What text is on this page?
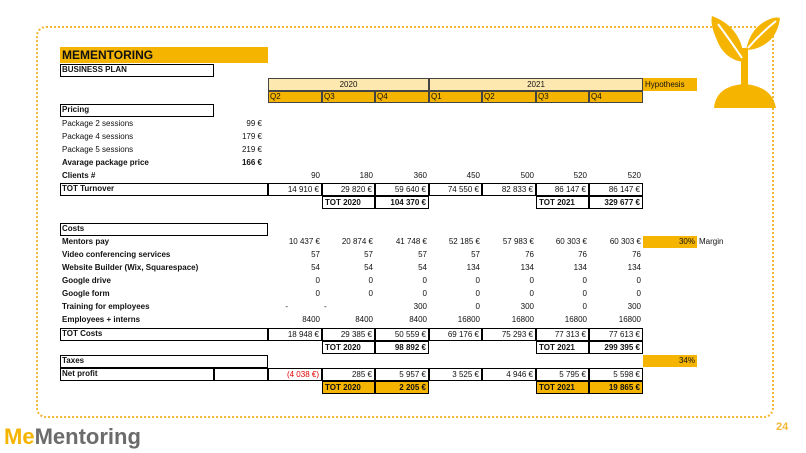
MEMENTORING
BUSINESS PLAN
2020	2021	Hypothesis
Q2	Q3	Q4	Q1	Q2	Q3	Q4
Pricing
Package 2 sessions	99 €
Package 4 sessions	179 €
Package 5 sessions	219 €
Avarage package price	166 €
Clients #	90	180	360	450	500	520	520
TOT Turnover	14 910 €	29 820 €	59 640 €	74 550 €	82 833 €	86 147 €	86 147 €
TOT 2020	104 370 €	TOT 2021	329 677 €
Costs
Mentors pay	10 437 €	20 874 €	41 748 €	52 185 €	57 983 €	60 303 €	60 303 €	30% Margin
Video conferencing services	57	57	57	57	76	76	76
Website Builder (Wix, Squarespace)	54	54	54	134	134	134	134
Google drive	0	0	0	0	0	0	0
Google form	0	0	0	0	0	0	0
Training for employees	-	-	300	0	300	0	300
Employees + interns	8400	8400	8400	16800	16800	16800	16800
TOT Costs	18 948 €	29 385 €	50 559 €	69 176 €	75 293 €	77 313 €	77 613 €
TOT 2020	98 892 €	TOT 2021	299 395 €
Taxes	34%
Net profit	(4 038 €)	285 €	5 957 €	3 525 €	4 946 €	5 795 €	5 598 €
TOT 2020	2 205 €	TOT 2021	19 865 €
MeMentoring	24
